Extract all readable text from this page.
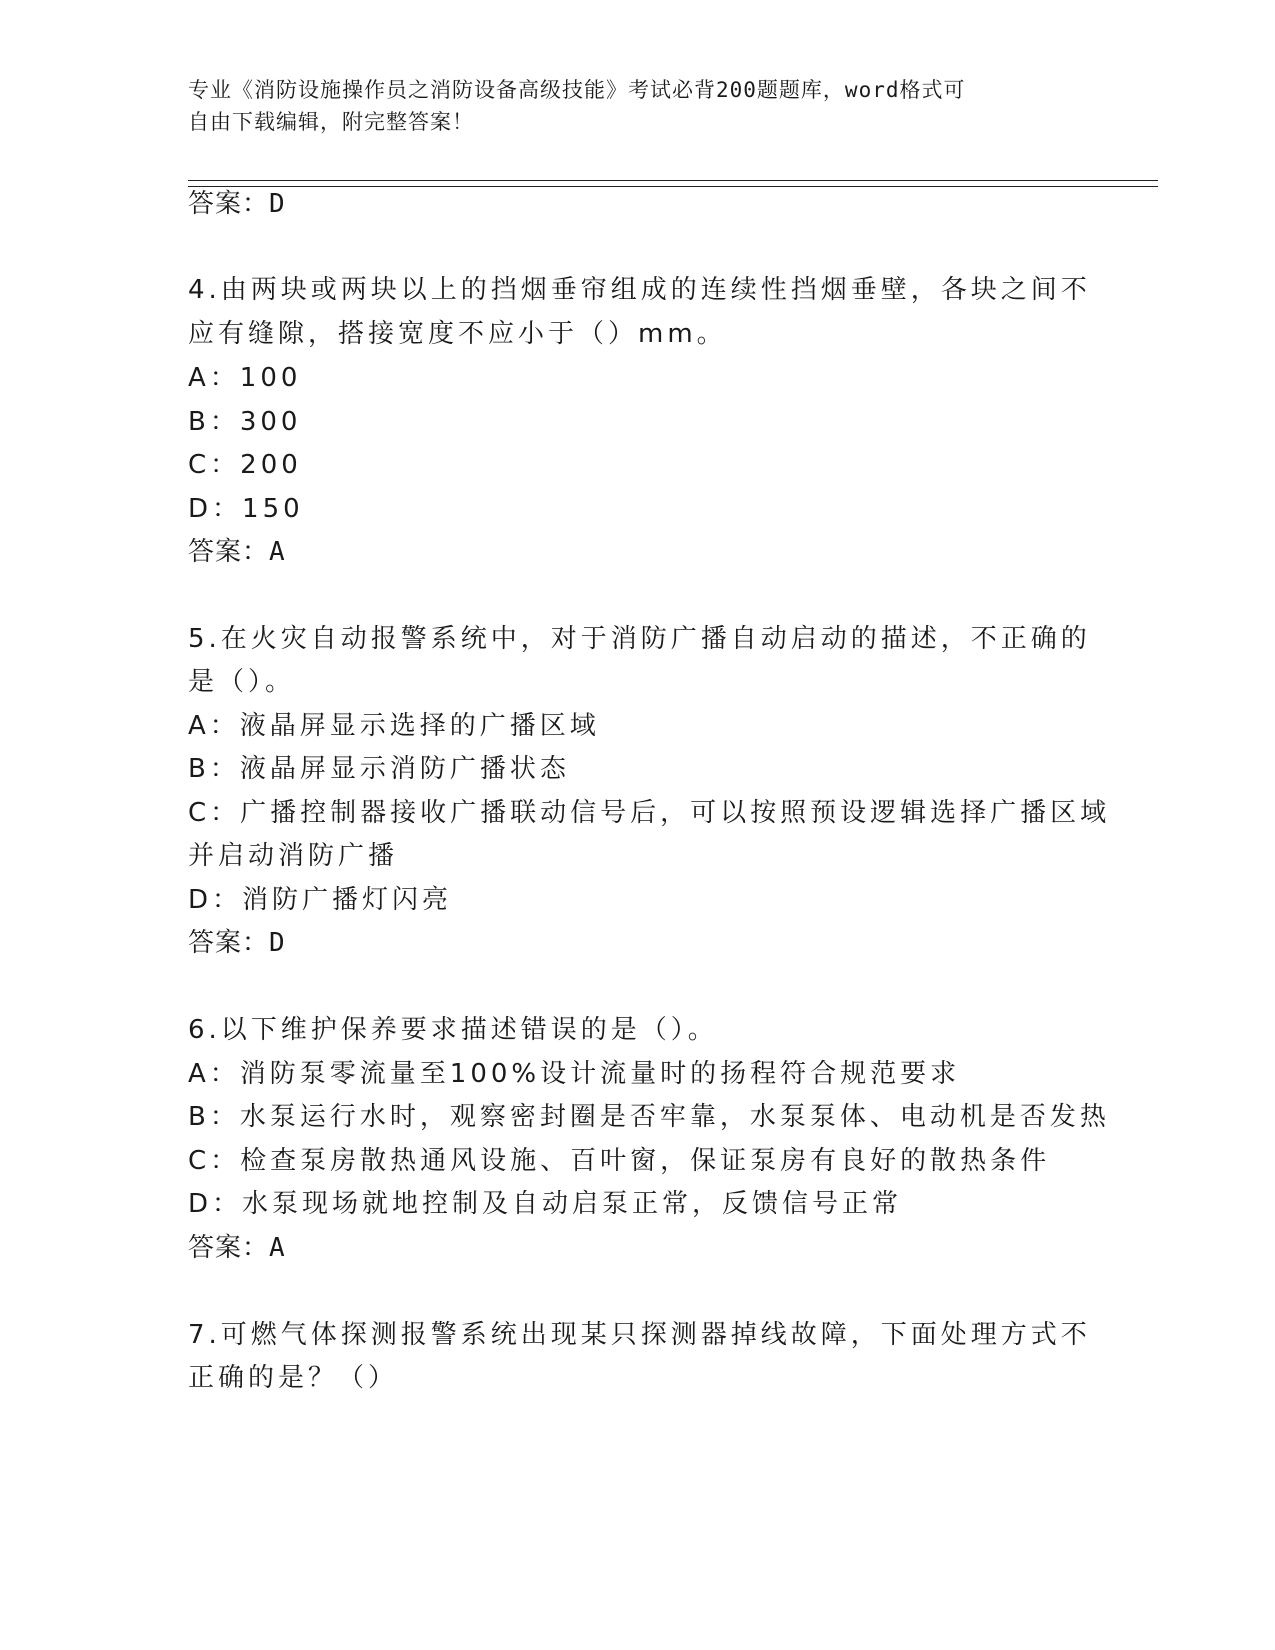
专业《消防设施操作员之消防设备高级技能》考试必背200题题库，word格式可
自由下载编辑，附完整答案！
答案：D
4.由两块或两块以上的挡烟垂帘组成的连续性挡烟垂壁，各块之间不
应有缝隙，搭接宽度不应小于（）mm。
A：100
B：300
C：200
D：150
答案：A
5.在火灾自动报警系统中，对于消防广播自动启动的描述，不正确的
是（）。
A：液晶屏显示选择的广播区域
B：液晶屏显示消防广播状态
C：广播控制器接收广播联动信号后，可以按照预设逻辑选择广播区域
并启动消防广播
D：消防广播灯闪亮
答案：D
6.以下维护保养要求描述错误的是（）。
A：消防泵零流量至100%设计流量时的扬程符合规范要求
B：水泵运行水时，观察密封圈是否牢靠，水泵泵体、电动机是否发热
C：检查泵房散热通风设施、百叶窗，保证泵房有良好的散热条件
D：水泵现场就地控制及自动启泵正常，反馈信号正常
答案：A
7.可燃气体探测报警系统出现某只探测器掉线故障，下面处理方式不
正确的是？（）
